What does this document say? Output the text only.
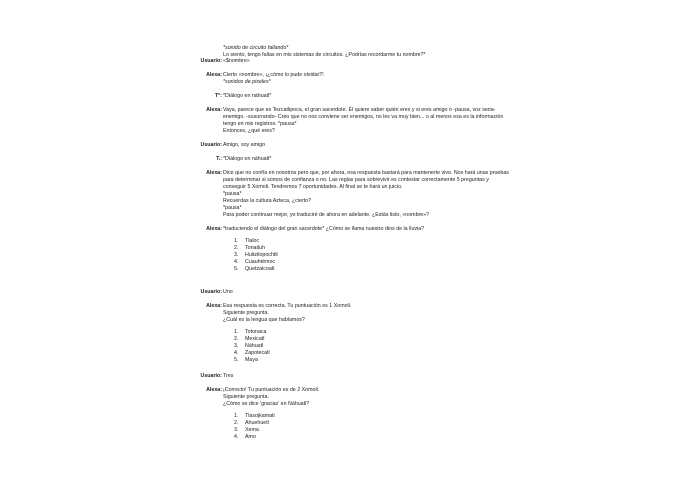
*sonido de circuito fallando*
Lo siento, tengo fallas en mis sistemas de circuitos. ¿Podrías recordarme tu nombre?*
Usuario: «$nombre»
Alexa: Cierto «nombre», ¡¿cómo lo pude olvidar?!
*sonidos de pixeles*
T°: *Diálogo en náhuatl*
Alexa: Vaya, parece que es Tezcatlipoca, el gran sacerdote. Él quiere saber quién eres y si eres amigo o -pausa, voz seria-
enemigo. -susurrando- Creo que no nos conviene ser enemigos, no les va muy bien... o al menos esa es la información
tengo en mis registros. *pausa*
Entonces, ¿qué eres?
Usuario: Amigo, soy amigo
T.: *Diálogo en náhuatl*
Alexa: Dice que no confía en nosotros pero que, por ahora, esa respuesta bastará para mantenerte vivo. Nos hará unas pruebas
para determinar si somos de confianza o no. Las reglas para sobrevivir es contestar correctamente 5 preguntas y
conseguir 5 Xomoli. Tendremos 7 oportunidades. Al final se te hará un juicio.
*pausa*
Recuerdas la cultura Azteca, ¿cierto?
*pausa*
Para poder continuar mejor, yo traduciré de ahora en adelante. ¿Estás listo, «nombre»?
Alexa: *traduciendo el diálogo del gran sacerdote* ¿Cómo se llama nuestro dios de la lluvia?
1. Tlaloc
2. Tonatiuh
3. Huitzilopochtli
4. Cuauhtémoc
5. Quetzalcoatl
Usuario: Uno
Alexa: Esa respuesta es correcta. Tu puntuación es 1 Xomoli.
Siguiente pregunta.
¿Cuál es la lengua que hablamos?
1. Totonaca
2. Mexicatl
3. Náhuatl
4. Zapotecatl
5. Maya
Usuario: Tres
Alexa: ¡Correcto! Tu puntuación es de 2 Xomoli.
Siguiente pregunta.
¿Cómo se dice 'gracias' en Náhuatl?
1. Tlasojkamati
2. Ahuehuetl
3. Xema
4. Amo
